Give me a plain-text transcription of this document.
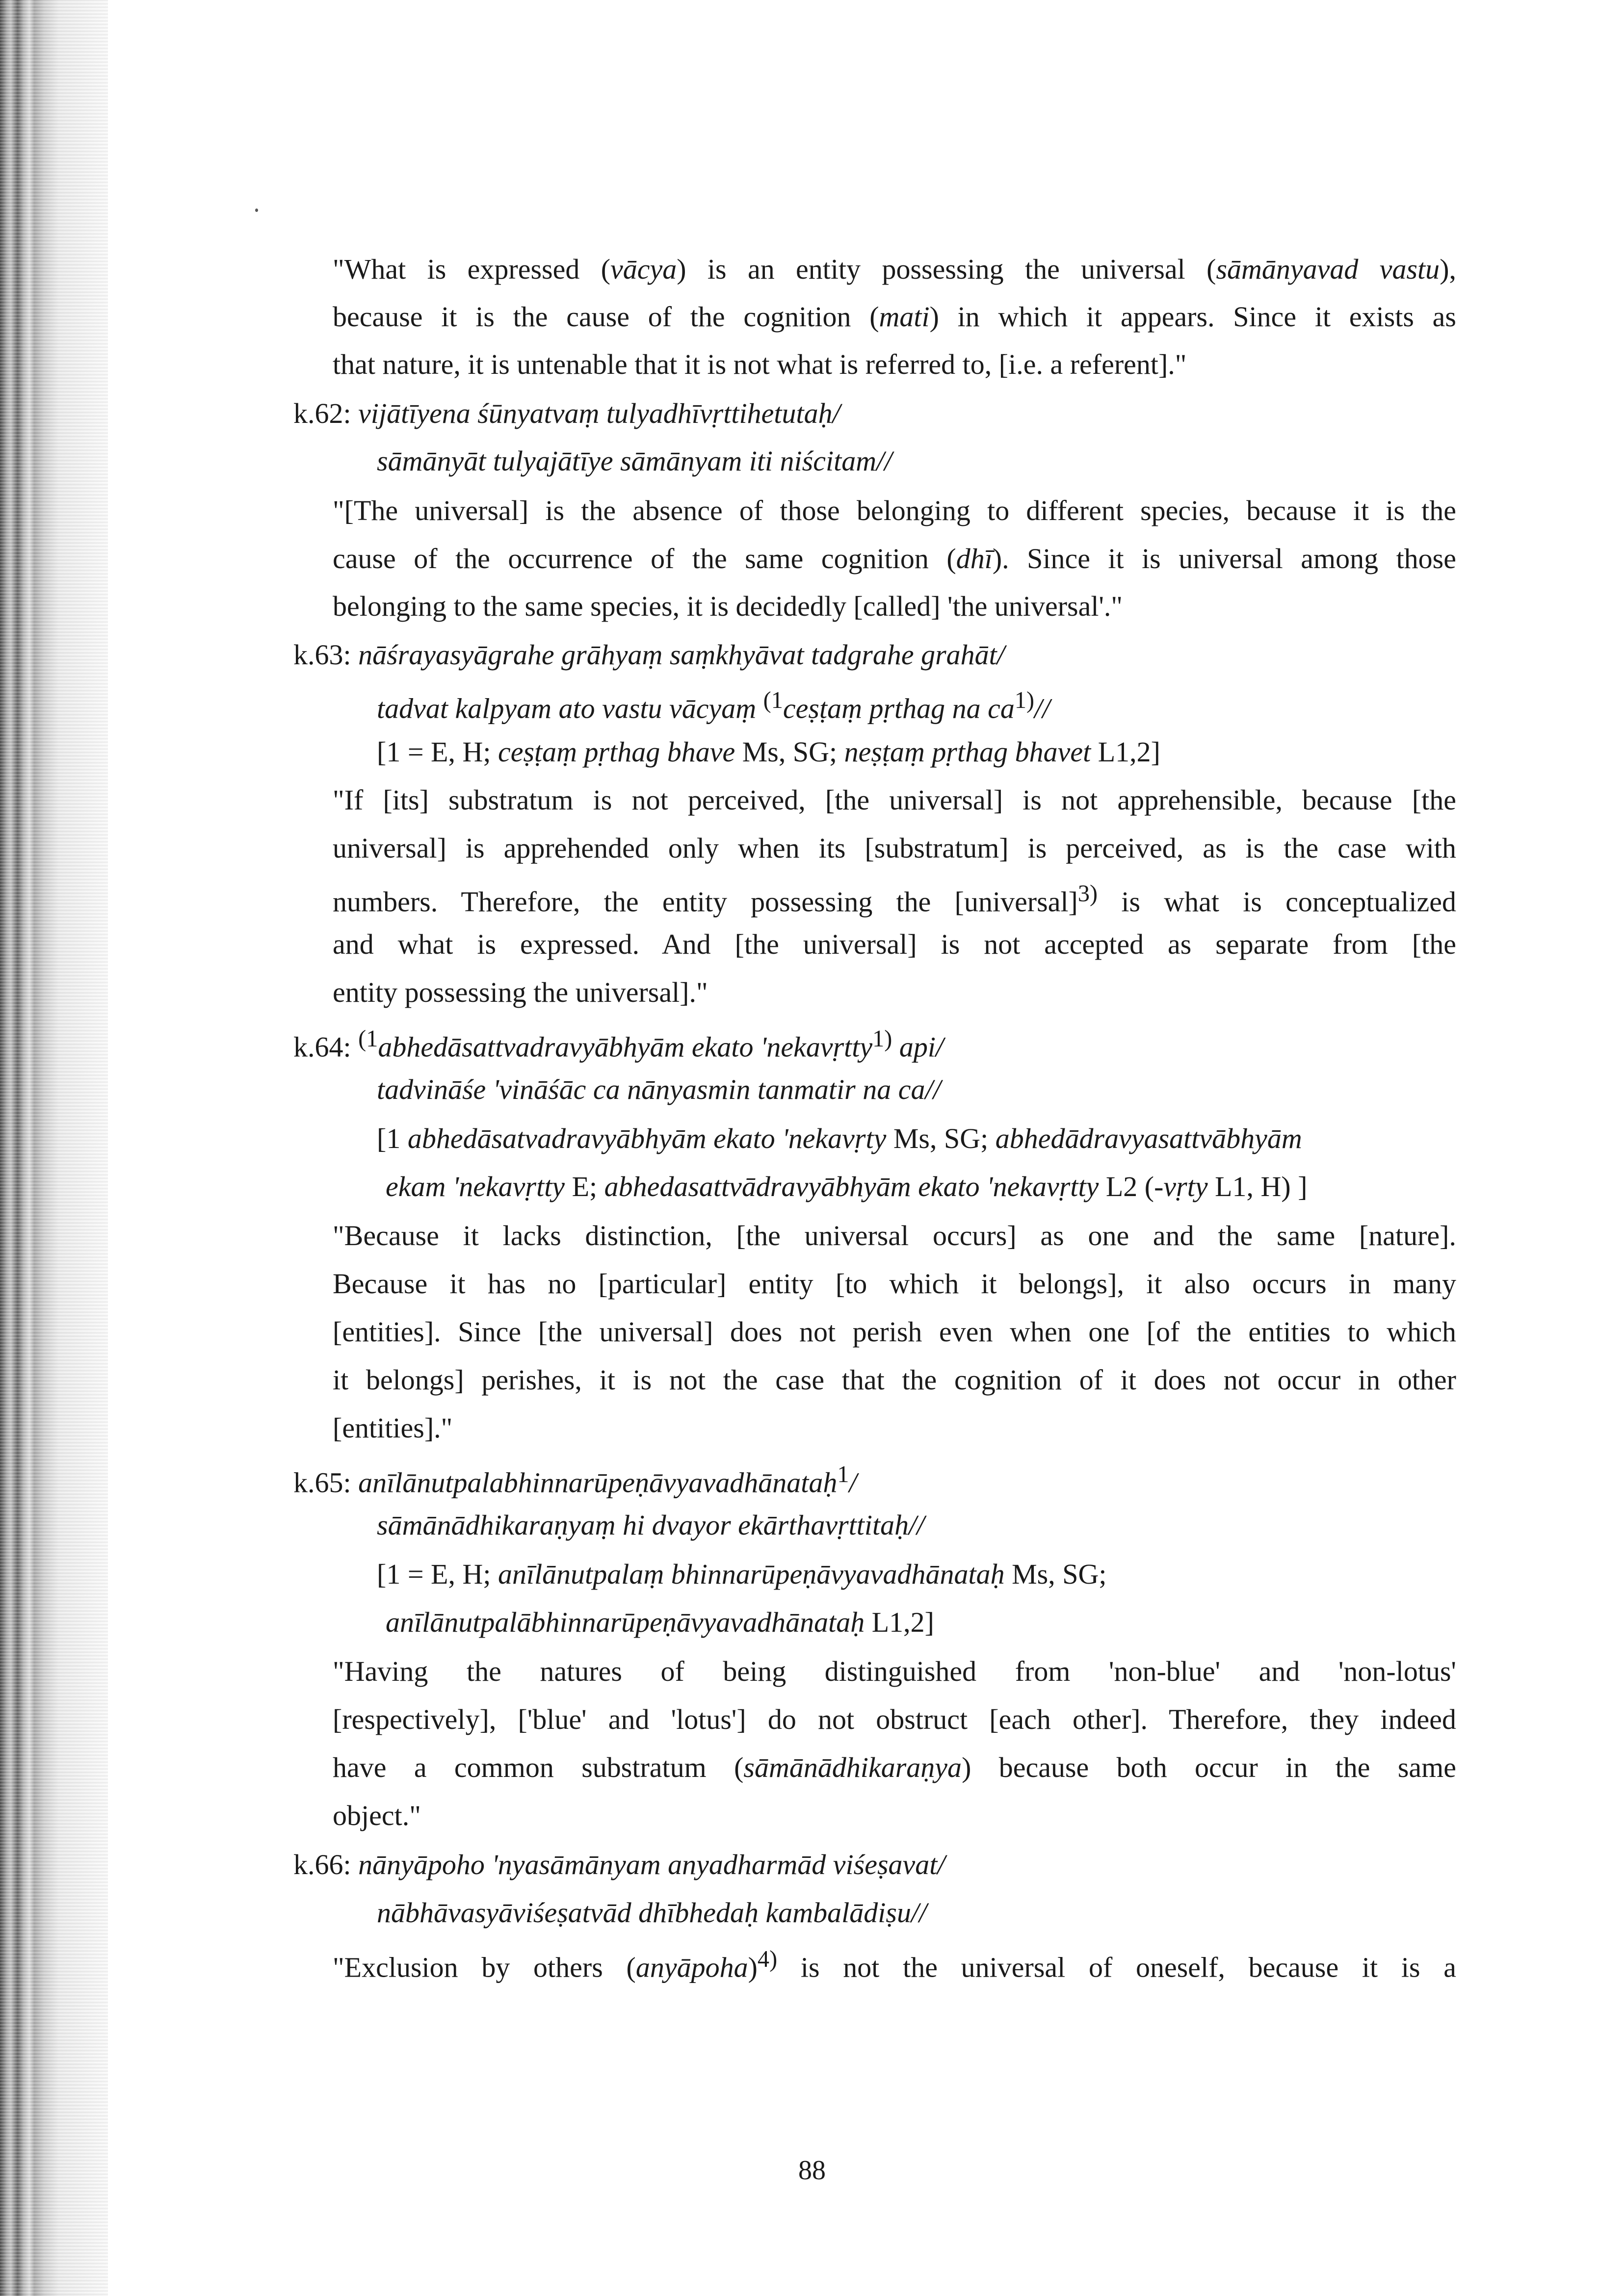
"What is expressed (vācya) is an entity possessing the universal (sāmānyavad vastu),
because it is the cause of the cognition (mati) in which it appears. Since it exists as
that nature, it is untenable that it is not what is referred to, [i.e. a referent]."
k.62: vijātīyena śūnyatvaṃ tulyadhīvṛttihetutaḥ/
sāmānyāt tulyajātīye sāmānyam iti niścitam//
"[The universal] is the absence of those belonging to different species, because it is the
cause of the occurrence of the same cognition (dhī). Since it is universal among those
belonging to the same species, it is decidedly [called] 'the universal'."
k.63: nāśrayasyāgrahe grāhyaṃ saṃkhyāvat tadgrahe grahāt/
tadvat kalpyam ato vastu vācyaṃ $^{(1}$ceṣṭaṃ pṛthag na $ca^{1)}//$
[1 = E, H; ceṣṭaṃ pṛthag bhave Ms, SG; neṣṭaṃ pṛthag bhavet L1,2]
"If [its] substratum is not perceived, [the universal] is not apprehensible, because [the
universal] is apprehended only when its [substratum] is perceived, as is the case with
numbers. Therefore, the entity possessing the [universal]$^{3)}$ is what is conceptualized
and what is expressed. And [the universal] is not accepted as separate from [the
entity possessing the universal]."
k.64: $^{(1}$abhedāsattvadravyābhyām ekato 'nekavṛtty$^{1)}$ api/
tadvināśe 'vināśāc ca nānyasmin tanmatir na ca//
[1 abhedāsatvadravyābhyām ekato 'nekavṛty Ms, SG; abhedādravyasattvābhyām
ekam 'nekavṛtty E; abhedasattvādravyābhyām ekato 'nekavṛtty L2 (-vṛty L1, H) ]
"Because it lacks distinction, [the universal occurs] as one and the same [nature].
Because it has no [particular] entity [to which it belongs], it also occurs in many
[entities]. Since [the universal] does not perish even when one [of the entities to which
it belongs] perishes, it is not the case that the cognition of it does not occur in other
[entities]."
k.65: anīlānutpalabhinnarūpeṇāvyavadhānataḥ$^1$/
sāmānādhikaraṇyaṃ hi dvayor ekārthavṛttitaḥ//
[1 = E, H; anīlānutpalaṃ bhinnarūpeṇāvyavadhānataḥ Ms, SG;
anīlānutpalābhinnarūpeṇāvyavadhānataḥ L1,2]
"Having the natures of being distinguished from 'non-blue' and 'non-lotus'
[respectively], ['blue' and 'lotus'] do not obstruct [each other]. Therefore, they indeed
have a common substratum (sāmānādhikaraṇya) because both occur in the same
object."
k.66: nānyāpoho 'nyasāmānyam anyadharmād viśeṣavat/
nābhāvasyāviśeṣatvād dhībhedaḥ kambalādiṣu//
"Exclusion by others (anyāpoha)$^{4)}$ is not the universal of oneself, because it is a
88
